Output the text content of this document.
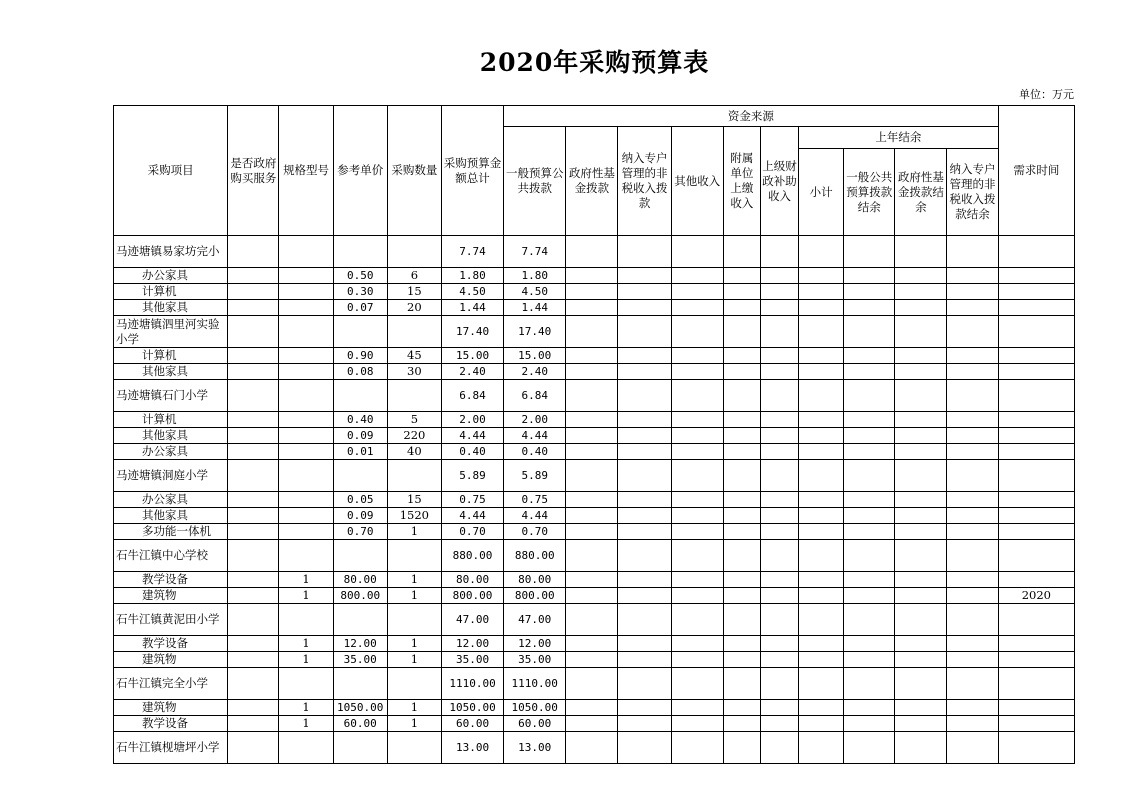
2020年采购预算表
单位：万元
采购项目	是否政府购买服务	规格型号	参考单价	采购数量	采购预算金额总计	资金来源										需求时间
						一般预算公共拨款	政府性基金拨款	纳入专户管理的非税收入拨款	其他收入	附属单位上缴收入	上级财政补助收入	上年结余				
												小计	一般公共预算拨款结余	政府性基金拨款结余	纳入专户管理的非税收入拨款结余	
马迹塘镇易家坊完小					7.74	7.74										
办公家具			0.50	6	1.80	1.80										
计算机			0.30	15	4.50	4.50										
其他家具			0.07	20	1.44	1.44										
马迹塘镇泗里河实验小学					17.40	17.40										
计算机			0.90	45	15.00	15.00										
其他家具			0.08	30	2.40	2.40										
马迹塘镇石门小学					6.84	6.84										
计算机			0.40	5	2.00	2.00										
其他家具			0.09	220	4.44	4.44										
办公家具			0.01	40	0.40	0.40										
马迹塘镇洞庭小学					5.89	5.89										
办公家具			0.05	15	0.75	0.75										
其他家具			0.09	1520	4.44	4.44										
多功能一体机			0.70	1	0.70	0.70										
石牛江镇中心学校					880.00	880.00										
教学设备		1	80.00	1	80.00	80.00										
建筑物		1	800.00	1	800.00	800.00										2020
石牛江镇黄泥田小学					47.00	47.00										
教学设备		1	12.00	1	12.00	12.00										
建筑物		1	35.00	1	35.00	35.00										
石牛江镇完全小学					1110.00	1110.00										
建筑物		1	1050.00	1	1050.00	1050.00										
教学设备		1	60.00	1	60.00	60.00										
石牛江镇枧塘坪小学					13.00	13.00										
